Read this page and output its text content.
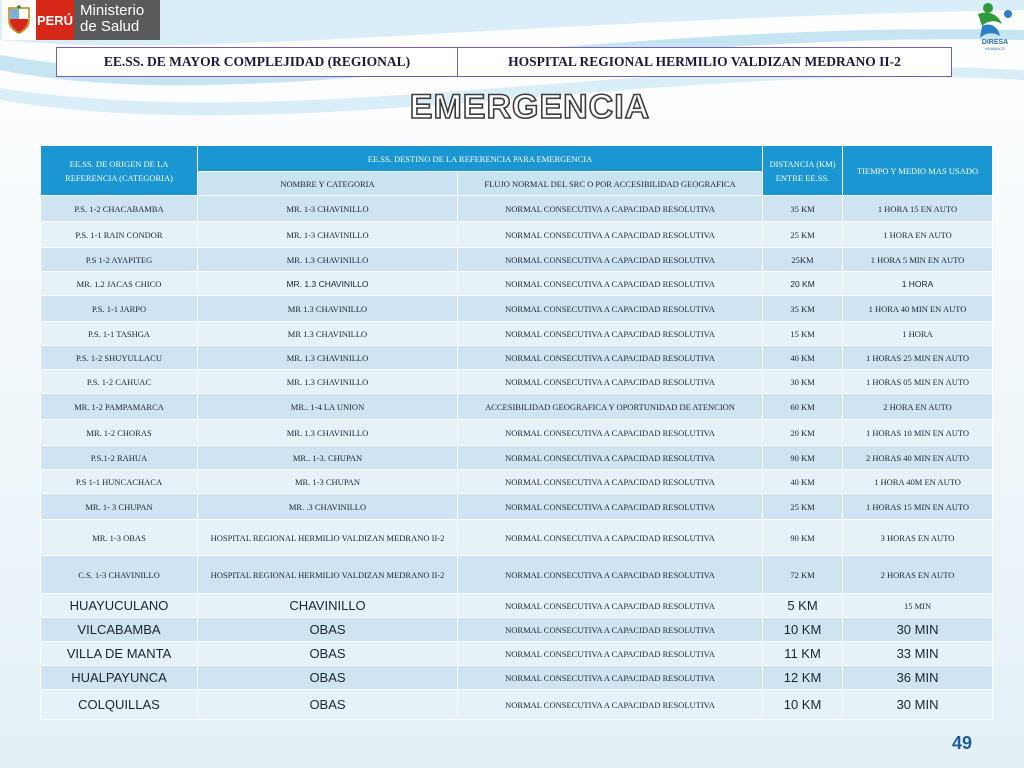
PERÚ
Ministerio de Salud
DIRESA
HUANUCO
EE.SS. DE MAYOR COMPLEJIDAD (REGIONAL)	HOSPITAL REGIONAL HERMILIO VALDIZAN MEDRANO II-2
EMERGENCIA
EE.SS. DE ORIGEN DE LA REFERENCIA (CATEGORIA)	EE.SS. DESTINO DE LA REFERENCIA PARA EMERGENCIA		DISTANCIA (KM) ENTRE EE.SS.	TIEMPO Y MEDIO MAS USADO
	NOMBRE Y CATEGORIA	FLUJO NORMAL DEL SRC O POR ACCESIBILIDAD GEOGRAFICA		
P.S. 1-2 CHACABAMBA	MR. 1-3 CHAVINILLO	NORMAL CONSECUTIVA A CAPACIDAD RESOLUTIVA	35 KM	1 HORA 15 EN AUTO
P.S. 1-1 RAIN CONDOR	MR. 1-3 CHAVINILLO	NORMAL CONSECUTIVA A CAPACIDAD RESOLUTIVA	25 KM	1 HORA EN AUTO
P.S 1-2 AYAPITEG	MR. 1.3 CHAVINILLO	NORMAL CONSECUTIVA A CAPACIDAD RESOLUTIVA	25KM	1 HORA 5 MIN EN AUTO
MR. 1.2 JACAS CHICO	MR. 1.3 CHAVINILLO	NORMAL CONSECUTIVA A CAPACIDAD RESOLUTIVA	20 KM	1 HORA
P.S. 1-1 JARPO	MR 1.3 CHAVINILLO	NORMAL CONSECUTIVA A CAPACIDAD RESOLUTIVA	35 KM	1 HORA 40 MIN EN AUTO
P.S. 1-1 TASHGA	MR 1.3 CHAVINILLO	NORMAL CONSECUTIVA A CAPACIDAD RESOLUTIVA	15 KM	1 HORA
P.S. 1-2 SHUYULLACU	MR. 1.3 CHAVINILLO	NORMAL CONSECUTIVA A CAPACIDAD RESOLUTIVA	40 KM	1 HORAS 25 MIN EN AUTO
P.S. 1-2 CAHUAC	MR. 1.3 CHAVINILLO	NORMAL CONSECUTIVA A CAPACIDAD RESOLUTIVA	30 KM	1 HORAS 05 MIN EN AUTO
MR. 1-2 PAMPAMARCA	MR.. 1-4 LA UNION	ACCESIBILIDAD GEOGRAFICA Y OPORTUNIDAD DE ATENCION	60 KM	2 HORA EN AUTO
MR. 1-2 CHORAS	MR. 1.3 CHAVINILLO	NORMAL CONSECUTIVA A CAPACIDAD RESOLUTIVA	20 KM	1 HORAS 10 MIN EN AUTO
P.S.1-2 RAHUA	MR.. 1-3. CHUPAN	NORMAL CONSECUTIVA A CAPACIDAD RESOLUTIVA	90 KM	2 HORAS 40 MIN EN AUTO
P.S 1-1 HUNCACHACA	MR. 1-3 CHUPAN	NORMAL CONSECUTIVA A CAPACIDAD RESOLUTIVA	40 KM	1 HORA 40M EN AUTO
MR. 1- 3 CHUPAN	MR. .3 CHAVINILLO	NORMAL CONSECUTIVA A CAPACIDAD RESOLUTIVA	25 KM	1 HORAS 15 MIN EN AUTO
MR. 1-3 OBAS	HOSPITAL REGIONAL HERMILIO VALDIZAN MEDRANO II-2	NORMAL CONSECUTIVA A CAPACIDAD RESOLUTIVA	90 KM	3 HORAS EN AUTO
C.S. 1-3 CHAVINILLO	HOSPITAL REGIONAL HERMILIO VALDIZAN MEDRANO II-2	NORMAL CONSECUTIVA A CAPACIDAD RESOLUTIVA	72 KM	2 HORAS EN AUTO
HUAYUCULANO	CHAVINILLO	NORMAL CONSECUTIVA A CAPACIDAD RESOLUTIVA	5 KM	15 MIN
VILCABAMBA	OBAS	NORMAL CONSECUTIVA A CAPACIDAD RESOLUTIVA	10 KM	30 MIN
VILLA DE MANTA	OBAS	NORMAL CONSECUTIVA A CAPACIDAD RESOLUTIVA	11 KM	33 MIN
HUALPAYUNCA	OBAS	NORMAL CONSECUTIVA A CAPACIDAD RESOLUTIVA	12 KM	36 MIN
COLQUILLAS	OBAS	NORMAL CONSECUTIVA A CAPACIDAD RESOLUTIVA	10 KM	30 MIN
49
